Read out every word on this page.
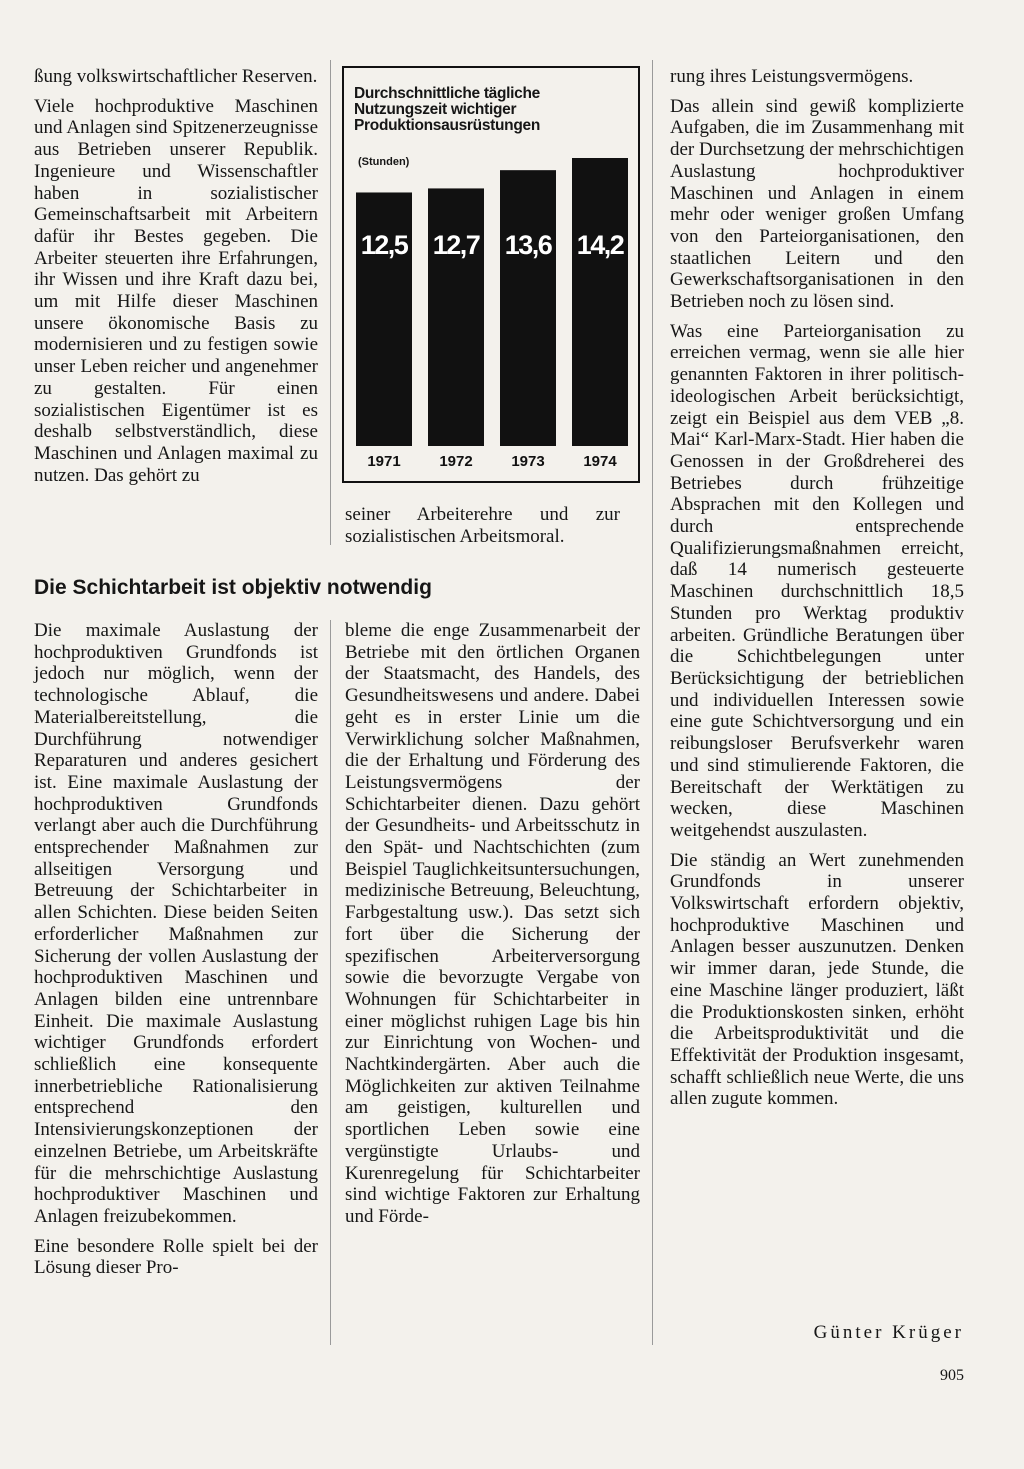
ßung volkswirtschaftlicher Reserven.

Viele hochproduktive Maschinen und Anlagen sind Spitzenerzeugnisse aus Betrieben unserer Republik. Ingenieure und Wissenschaftler haben in sozialistischer Gemeinschaftsarbeit mit Arbeitern dafür ihr Bestes gegeben. Die Arbeiter steuerten ihre Erfahrungen, ihr Wissen und ihre Kraft dazu bei, um mit Hilfe dieser Maschinen unsere ökonomische Basis zu modernisieren und zu festigen sowie unser Leben reicher und angenehmer zu gestalten. Für einen sozialistischen Eigentümer ist es deshalb selbstverständlich, diese Maschinen und Anlagen maximal zu nutzen. Das gehört zu

Durchschnittliche tägliche Nutzungszeit wichtiger Produktionsausrüstungen
(Stunden)
12,5
1971
12,7
1972
13,6
1973
14,2
1974
seiner Arbeiterehre und zur sozialistischen Arbeitsmoral.

rung ihres Leistungsvermögens.

Das allein sind gewiß komplizierte Aufgaben, die im Zusammenhang mit der Durchsetzung der mehrschichtigen Auslastung hochproduktiver Maschinen und Anlagen in einem mehr oder weniger großen Umfang von den Parteiorganisationen, den staatlichen Leitern und den Gewerkschaftsorganisationen in den Betrieben noch zu lösen sind.

Was eine Parteiorganisation zu erreichen vermag, wenn sie alle hier genannten Faktoren in ihrer politisch-ideologischen Arbeit berücksichtigt, zeigt ein Beispiel aus dem VEB „8. Mai“ Karl-Marx-Stadt. Hier haben die Genossen in der Großdreherei des Betriebes durch frühzeitige Absprachen mit den Kollegen und durch entsprechende Qualifizierungsmaßnahmen erreicht, daß 14 numerisch gesteuerte Maschinen durchschnittlich 18,5 Stunden pro Werktag produktiv arbeiten. Gründliche Beratungen über die Schichtbelegungen unter Berücksichtigung der betrieblichen und individuellen Interessen sowie eine gute Schichtversorgung und ein reibungsloser Berufsverkehr waren und sind stimulierende Faktoren, die Bereitschaft der Werktätigen zu wecken, diese Maschinen weitgehendst auszulasten.

Die ständig an Wert zunehmenden Grundfonds in unserer Volkswirtschaft erfordern objektiv, hochproduktive Maschinen und Anlagen besser auszunutzen. Denken wir immer daran, jede Stunde, die eine Maschine länger produziert, läßt die Produktionskosten sinken, erhöht die Arbeitsproduktivität und die Effektivität der Produktion insgesamt, schafft schließlich neue Werte, die uns allen zugute kommen.

Die Schichtarbeit ist objektiv notwendig

Die maximale Auslastung der hochproduktiven Grundfonds ist jedoch nur möglich, wenn der technologische Ablauf, die Materialbereitstellung, die Durchführung notwendiger Reparaturen und anderes gesichert ist. Eine maximale Auslastung der hochproduktiven Grundfonds verlangt aber auch die Durchführung entsprechender Maßnahmen zur allseitigen Versorgung und Betreuung der Schichtarbeiter in allen Schichten. Diese beiden Seiten erforderlicher Maßnahmen zur Sicherung der vollen Auslastung der hochproduktiven Maschinen und Anlagen bilden eine untrennbare Einheit. Die maximale Auslastung wichtiger Grundfonds erfordert schließlich eine konsequente innerbetriebliche Rationalisierung entsprechend den Intensivierungskonzeptionen der einzelnen Betriebe, um Arbeitskräfte für die mehrschichtige Auslastung hochproduktiver Maschinen und Anlagen freizubekommen.

Eine besondere Rolle spielt bei der Lösung dieser Pro-

bleme die enge Zusammenarbeit der Betriebe mit den örtlichen Organen der Staatsmacht, des Handels, des Gesundheitswesens und andere. Dabei geht es in erster Linie um die Verwirklichung solcher Maßnahmen, die der Erhaltung und Förderung des Leistungsvermögens der Schichtarbeiter dienen. Dazu gehört der Gesundheits- und Arbeitsschutz in den Spät- und Nachtschichten (zum Beispiel Tauglichkeitsuntersuchungen, medizinische Betreuung, Beleuchtung, Farbgestaltung usw.). Das setzt sich fort über die Sicherung der spezifischen Arbeiterversorgung sowie die bevorzugte Vergabe von Wohnungen für Schichtarbeiter in einer möglichst ruhigen Lage bis hin zur Einrichtung von Wochen- und Nachtkindergärten. Aber auch die Möglichkeiten zur aktiven Teilnahme am geistigen, kulturellen und sportlichen Leben sowie eine vergünstigte Urlaubs- und Kurenregelung für Schichtarbeiter sind wichtige Faktoren zur Erhaltung und Förde-

Günter Krüger
905
